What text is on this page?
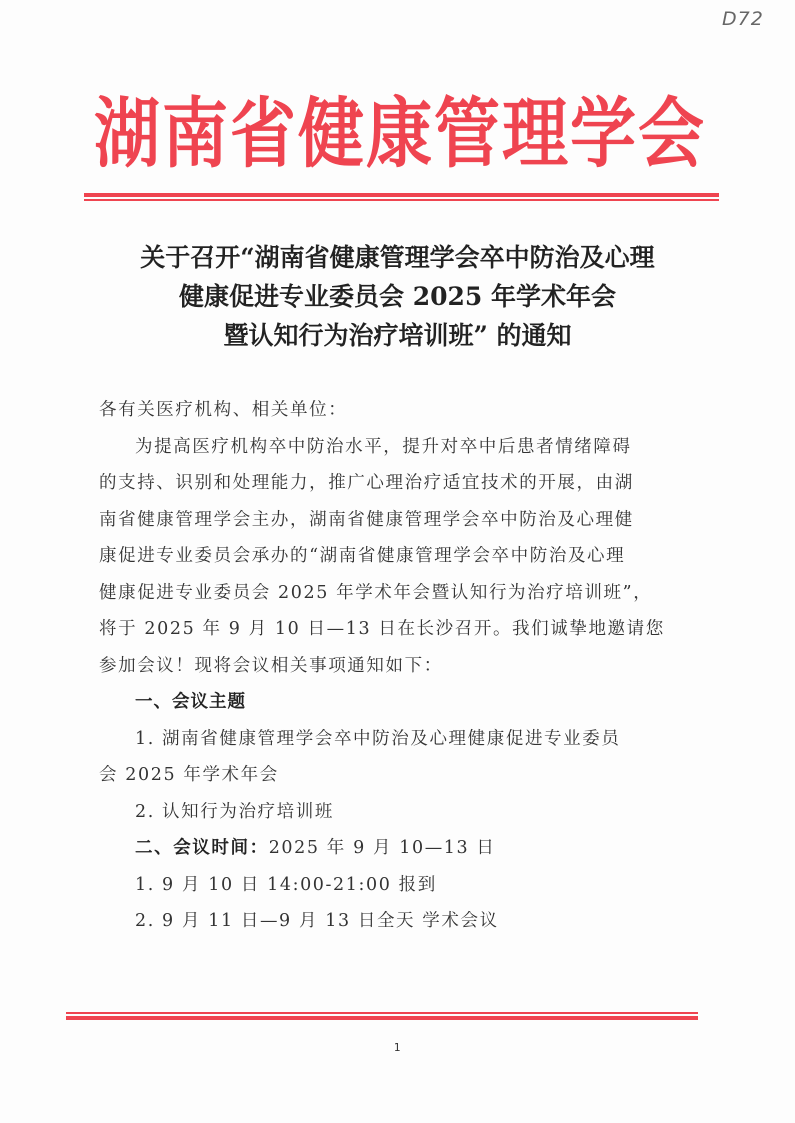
D72
湖南省健康管理学会
关于召开“湖南省健康管理学会卒中防治及心理
健康促进专业委员会 2025 年学术年会
暨认知行为治疗培训班” 的通知
各有关医疗机构、相关单位：
为提高医疗机构卒中防治水平，提升对卒中后患者情绪障碍
的支持、识别和处理能力，推广心理治疗适宜技术的开展，由湖
南省健康管理学会主办，湖南省健康管理学会卒中防治及心理健
康促进专业委员会承办的“湖南省健康管理学会卒中防治及心理
健康促进专业委员会 2025 年学术年会暨认知行为治疗培训班”，
将于 2025 年 9 月 10 日—13 日在长沙召开。我们诚挚地邀请您
参加会议！现将会议相关事项通知如下：
一、会议主题
1. 湖南省健康管理学会卒中防治及心理健康促进专业委员
会 2025 年学术年会
2. 认知行为治疗培训班
二、会议时间：2025 年 9 月 10—13 日
1. 9 月 10 日 14:00-21:00 报到
2. 9 月 11 日—9 月 13 日全天 学术会议
1
